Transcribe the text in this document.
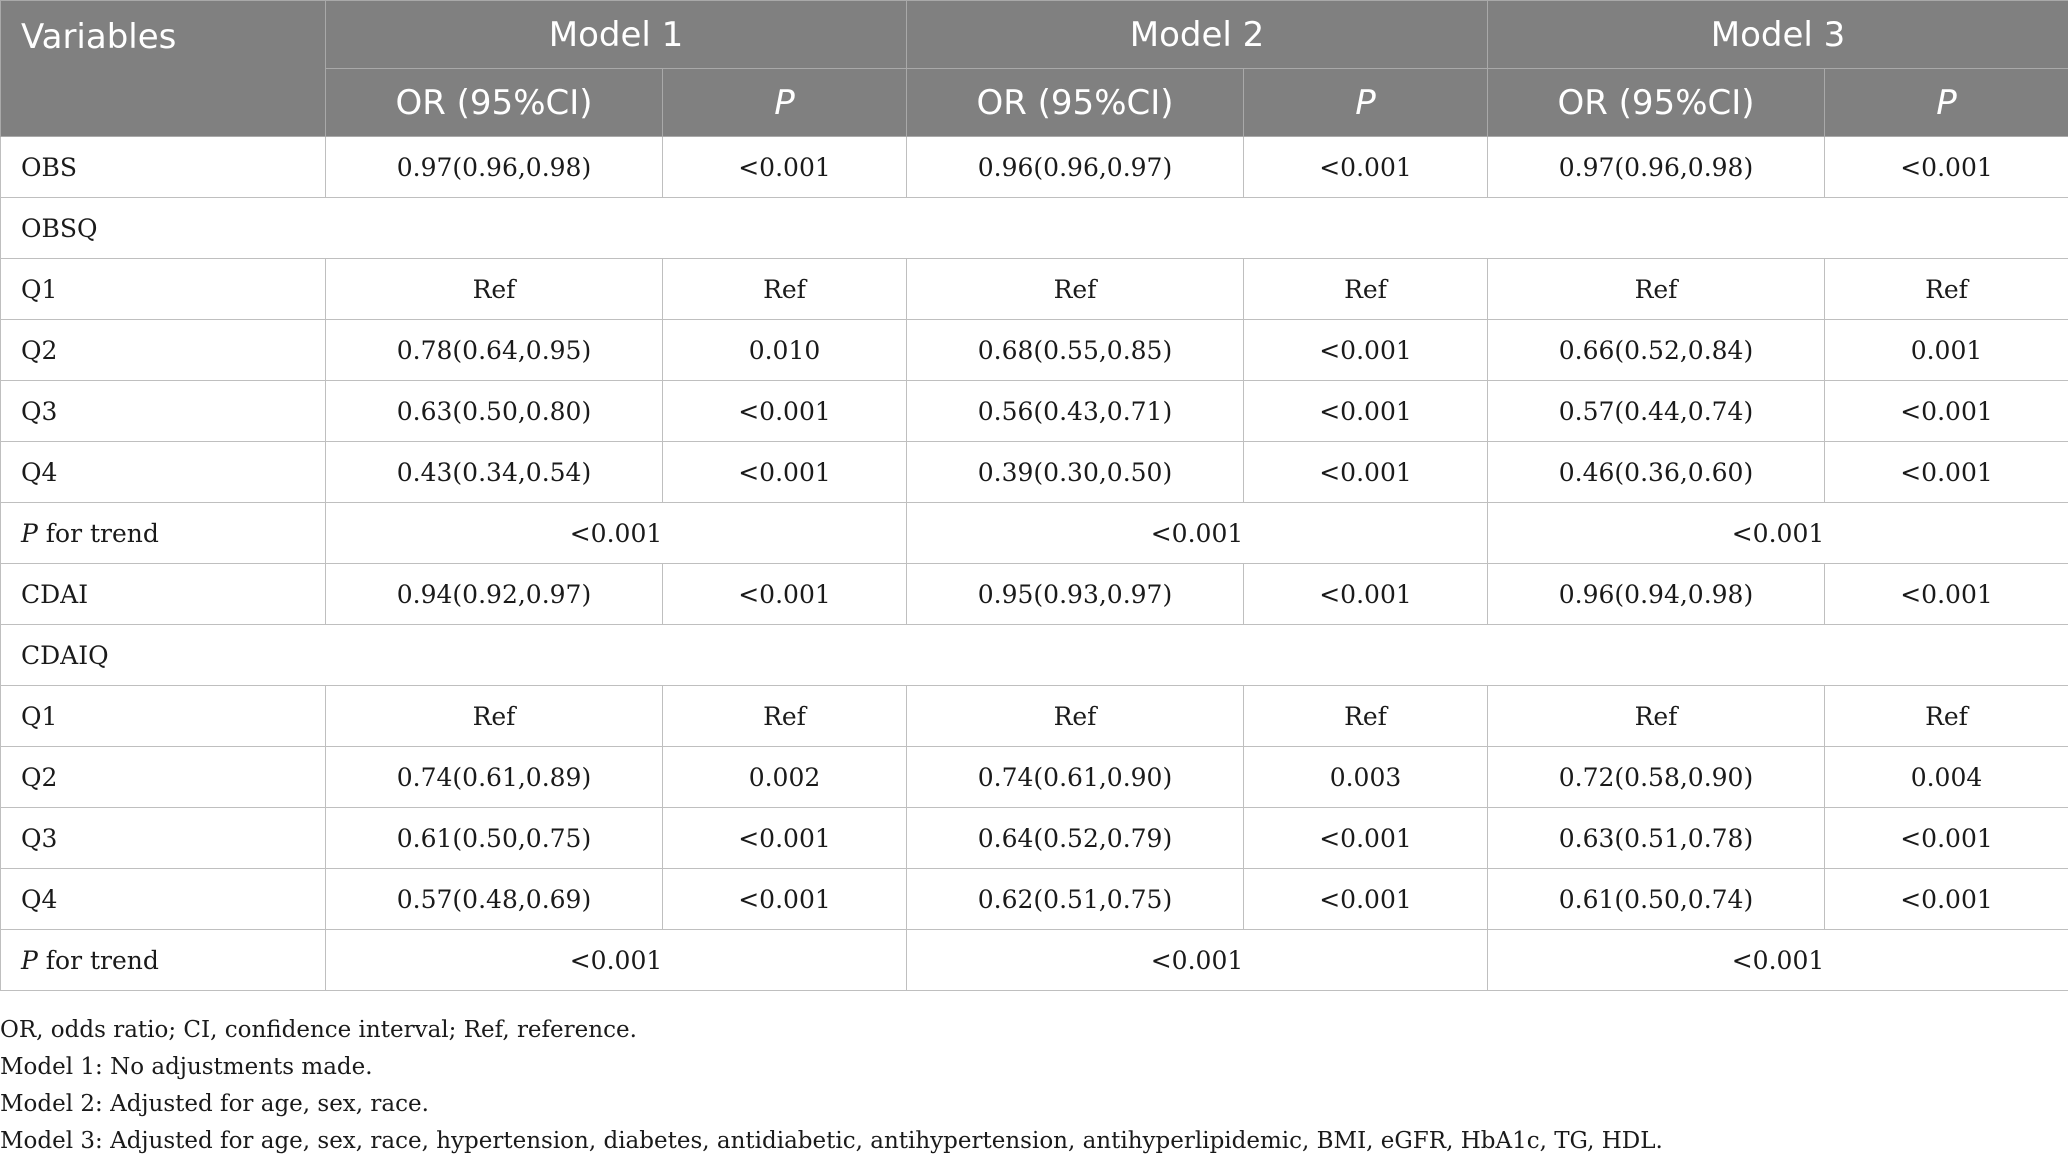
Variables	Model 1		Model 2		Model 3	
	OR (95%CI)	P	OR (95%CI)	P	OR (95%CI)	P
OBS	0.97(0.96,0.98)	<0.001	0.96(0.96,0.97)	<0.001	0.97(0.96,0.98)	<0.001
OBSQ						
Q1	Ref	Ref	Ref	Ref	Ref	Ref
Q2	0.78(0.64,0.95)	0.010	0.68(0.55,0.85)	<0.001	0.66(0.52,0.84)	0.001
Q3	0.63(0.50,0.80)	<0.001	0.56(0.43,0.71)	<0.001	0.57(0.44,0.74)	<0.001
Q4	0.43(0.34,0.54)	<0.001	0.39(0.30,0.50)	<0.001	0.46(0.36,0.60)	<0.001
P for trend	<0.001		<0.001		<0.001	
CDAI	0.94(0.92,0.97)	<0.001	0.95(0.93,0.97)	<0.001	0.96(0.94,0.98)	<0.001
CDAIQ						
Q1	Ref	Ref	Ref	Ref	Ref	Ref
Q2	0.74(0.61,0.89)	0.002	0.74(0.61,0.90)	0.003	0.72(0.58,0.90)	0.004
Q3	0.61(0.50,0.75)	<0.001	0.64(0.52,0.79)	<0.001	0.63(0.51,0.78)	<0.001
Q4	0.57(0.48,0.69)	<0.001	0.62(0.51,0.75)	<0.001	0.61(0.50,0.74)	<0.001
P for trend	<0.001		<0.001		<0.001	
OR, odds ratio; CI, confidence interval; Ref, reference.
Model 1: No adjustments made.
Model 2: Adjusted for age, sex, race.
Model 3: Adjusted for age, sex, race, hypertension, diabetes, antidiabetic, antihypertension, antihyperlipidemic, BMI, eGFR, HbA1c, TG, HDL.
